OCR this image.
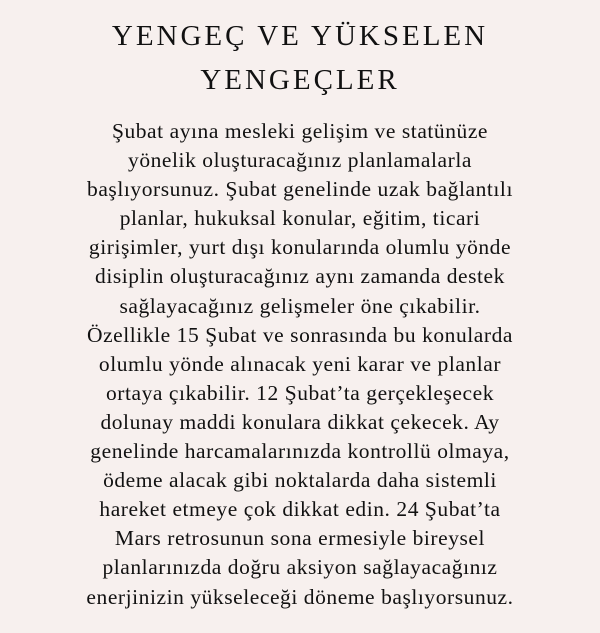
YENGEÇ VE YÜKSELEN
YENGEÇLER
Şubat ayına mesleki gelişim ve statünüze
yönelik oluşturacağınız planlamalarla
başlıyorsunuz. Şubat genelinde uzak bağlantılı
planlar, hukuksal konular, eğitim, ticari
girişimler, yurt dışı konularında olumlu yönde
disiplin oluşturacağınız aynı zamanda destek
sağlayacağınız gelişmeler öne çıkabilir.
Özellikle 15 Şubat ve sonrasında bu konularda
olumlu yönde alınacak yeni karar ve planlar
ortaya çıkabilir. 12 Şubat’ta gerçekleşecek
dolunay maddi konulara dikkat çekecek. Ay
genelinde harcamalarınızda kontrollü olmaya,
ödeme alacak gibi noktalarda daha sistemli
hareket etmeye çok dikkat edin. 24 Şubat’ta
Mars retrosunun sona ermesiyle bireysel
planlarınızda doğru aksiyon sağlayacağınız
enerjinizin yükseleceği döneme başlıyorsunuz.
